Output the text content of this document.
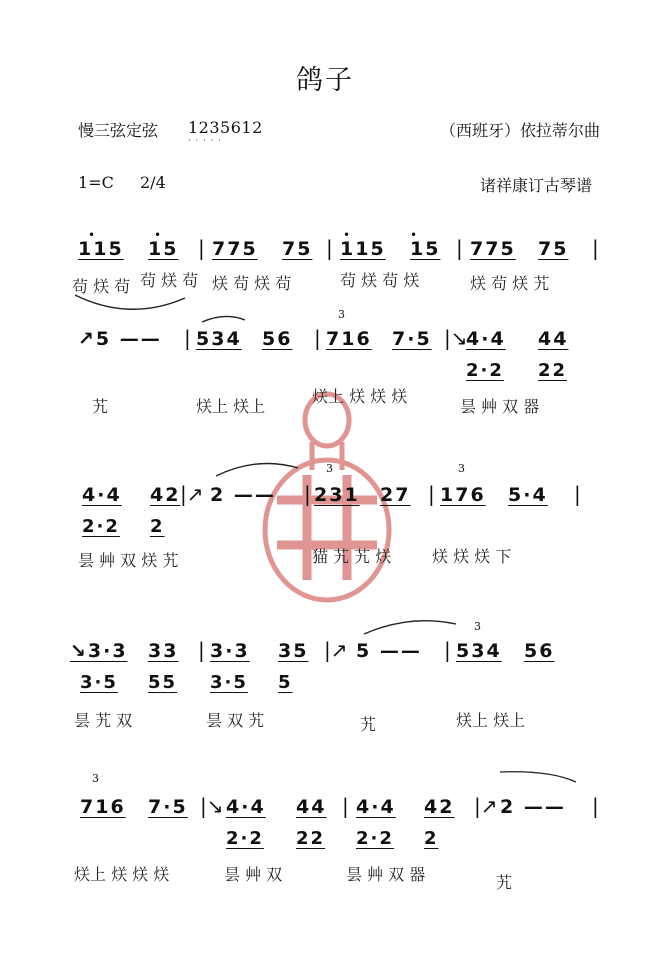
鸽子
慢三弦定弦 1235612
·····
（西班牙）依拉蒂尔曲
1=C 2/4	诸祥康订古琴谱
•	•	•	•
115 15 | 775 75 | 115 15 | 775 75 |
茍 烪 茍 茍 烪 茍 烪 茍 烪 茍	茍 烪 茍 烪	烪 茍 烪 艽
↗5 —— | 534 56 | 716 7·5 |↘
4·4 44
2·2 22
3
艽	烪上 烪上
烪上 烪 烪 烪
昙 艸 双 器
4·4 42
2·2 2
|↗ 2 —— | 231 27 | 176 5·4 |
3	3
昙 艸 双 烪 艽	猫 艽 艽 烪	烪 烪 烪 下
↘3·3 33
3·5 55
| 3·3 35
3·5 5
|↗ 5 —— | 534 56
3
昙 艽 双	昙 双 艽	艽	烪上 烪上
3
716 7·5 |↘ 4·4 44
2·2 22
| 4·4 42
2·2 2
|↗ 2 —— |
烪上 烪 烪 烪	昙 艸 双	昙 艸 双 器	艽
